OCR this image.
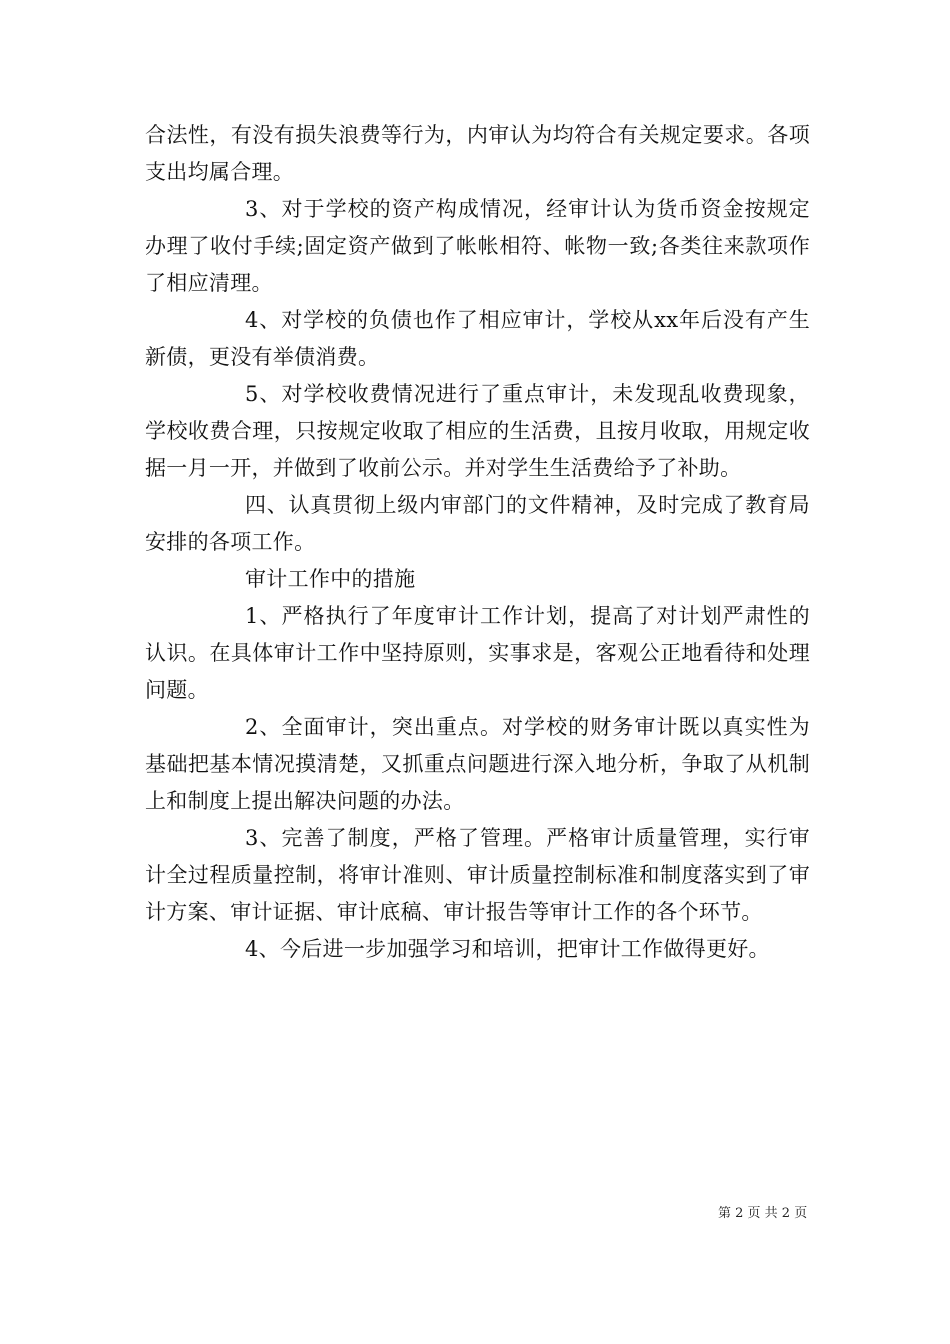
合法性，有没有损失浪费等行为，内审认为均符合有关规定要求。各项支出均属合理。

3、对于学校的资产构成情况，经审计认为货币资金按规定办理了收付手续;固定资产做到了帐帐相符、帐物一致;各类往来款项作了相应清理。

4、对学校的负债也作了相应审计，学校从xx年后没有产生新债，更没有举债消费。

5、对学校收费情况进行了重点审计，未发现乱收费现象，学校收费合理，只按规定收取了相应的生活费，且按月收取，用规定收据一月一开，并做到了收前公示。并对学生生活费给予了补助。

四、认真贯彻上级内审部门的文件精神，及时完成了教育局安排的各项工作。

审计工作中的措施

1、严格执行了年度审计工作计划，提高了对计划严肃性的认识。在具体审计工作中坚持原则，实事求是，客观公正地看待和处理问题。

2、全面审计，突出重点。对学校的财务审计既以真实性为基础把基本情况摸清楚，又抓重点问题进行深入地分析，争取了从机制上和制度上提出解决问题的办法。

3、完善了制度，严格了管理。严格审计质量管理，实行审计全过程质量控制，将审计准则、审计质量控制标准和制度落实到了审计方案、审计证据、审计底稿、审计报告等审计工作的各个环节。

4、今后进一步加强学习和培训，把审计工作做得更好。

第 2 页 共 2 页
